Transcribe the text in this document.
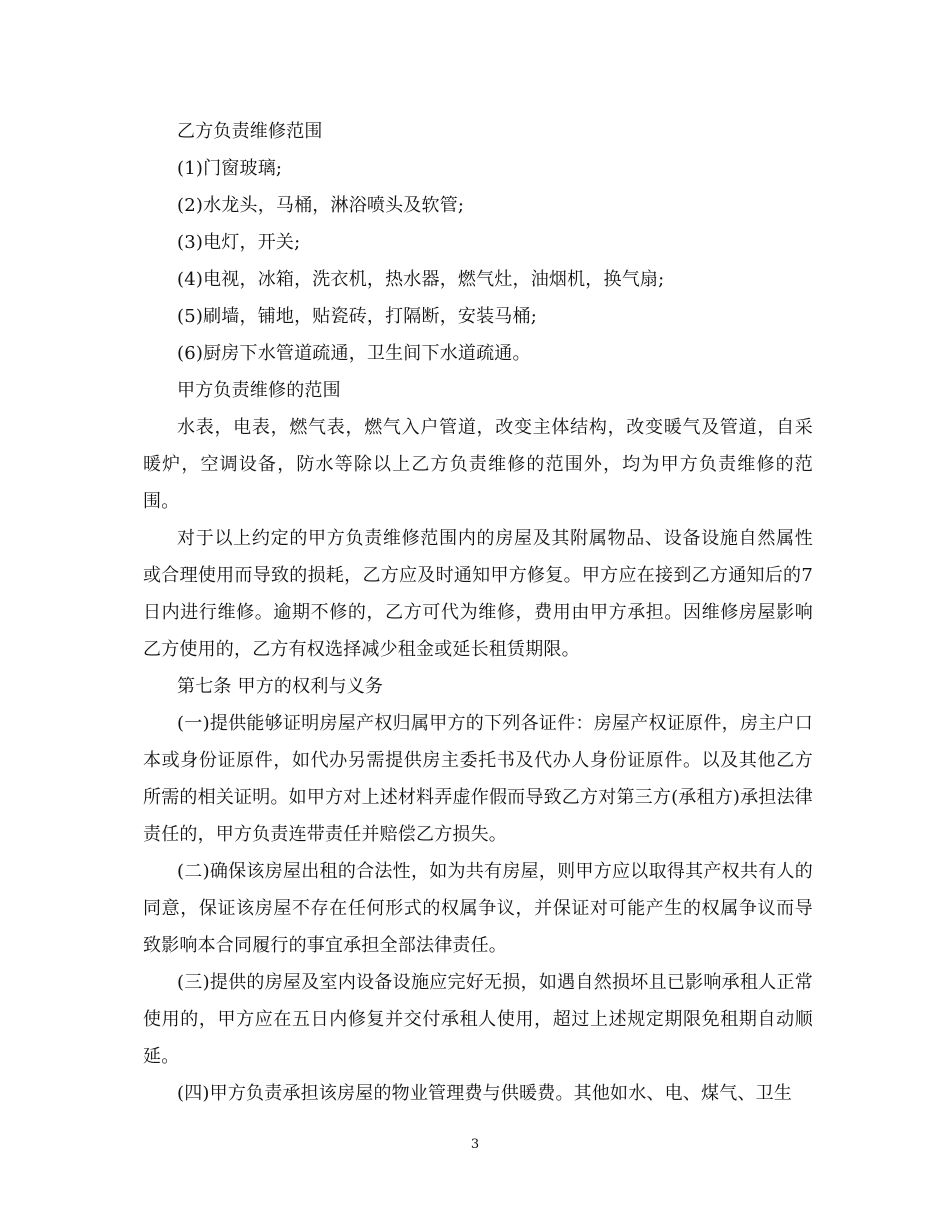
乙方负责维修范围

(1)门窗玻璃;

(2)水龙头，马桶，淋浴喷头及软管;

(3)电灯，开关;

(4)电视，冰箱，洗衣机，热水器，燃气灶，油烟机，换气扇;

(5)刷墙，铺地，贴瓷砖，打隔断，安装马桶;

(6)厨房下水管道疏通，卫生间下水道疏通。

甲方负责维修的范围

水表，电表，燃气表，燃气入户管道，改变主体结构，改变暖气及管道，自采暖炉，空调设备，防水等除以上乙方负责维修的范围外，均为甲方负责维修的范围。

对于以上约定的甲方负责维修范围内的房屋及其附属物品、设备设施自然属性或合理使用而导致的损耗，乙方应及时通知甲方修复。甲方应在接到乙方通知后的7日内进行维修。逾期不修的，乙方可代为维修，费用由甲方承担。因维修房屋影响乙方使用的，乙方有权选择减少租金或延长租赁期限。

第七条 甲方的权利与义务

(一)提供能够证明房屋产权归属甲方的下列各证件：房屋产权证原件，房主户口本或身份证原件，如代办另需提供房主委托书及代办人身份证原件。以及其他乙方所需的相关证明。如甲方对上述材料弄虚作假而导致乙方对第三方(承租方)承担法律责任的，甲方负责连带责任并赔偿乙方损失。

(二)确保该房屋出租的合法性，如为共有房屋，则甲方应以取得其产权共有人的同意，保证该房屋不存在任何形式的权属争议，并保证对可能产生的权属争议而导致影响本合同履行的事宜承担全部法律责任。

(三)提供的房屋及室内设备设施应完好无损，如遇自然损坏且已影响承租人正常使用的，甲方应在五日内修复并交付承租人使用，超过上述规定期限免租期自动顺延。

(四)甲方负责承担该房屋的物业管理费与供暖费。其他如水、电、煤气、卫生

3
